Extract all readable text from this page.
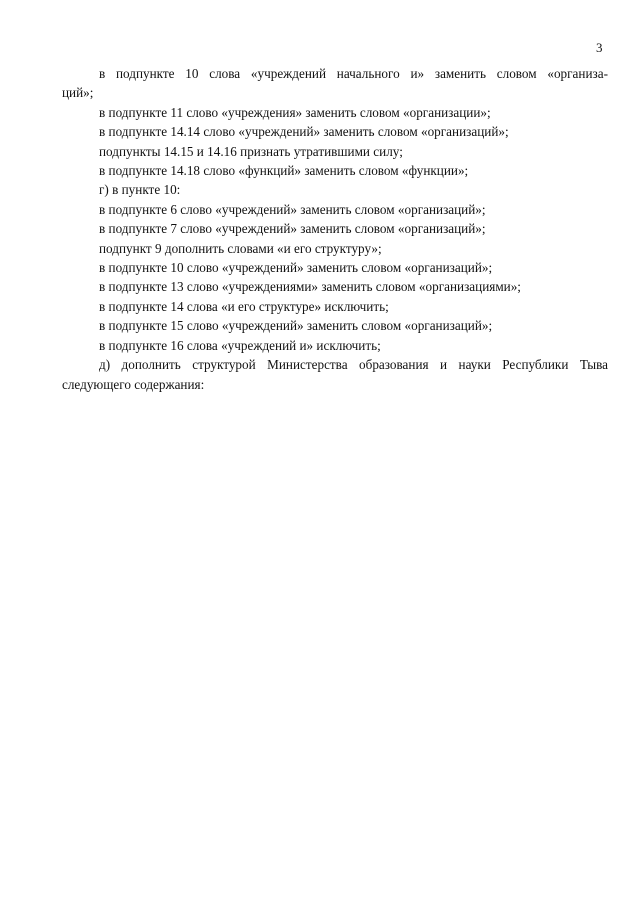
3
в подпункте 10 слова «учреждений начального и» заменить словом «организа-
ций»;
в подпункте 11 слово «учреждения» заменить словом «организации»;
в подпункте 14.14 слово «учреждений» заменить словом «организаций»;
подпункты 14.15 и 14.16 признать утратившими силу;
в подпункте 14.18 слово «функций» заменить словом «функции»;
г) в пункте 10:
в подпункте 6 слово «учреждений» заменить словом «организаций»;
в подпункте 7 слово «учреждений» заменить словом «организаций»;
подпункт 9 дополнить словами «и его структуру»;
в подпункте 10 слово «учреждений» заменить словом «организаций»;
в подпункте 13 слово «учреждениями» заменить словом «организациями»;
в подпункте 14 слова «и его структуре» исключить;
в подпункте 15 слово «учреждений» заменить словом «организаций»;
в подпункте 16 слова «учреждений и» исключить;
д) дополнить структурой Министерства образования и науки Республики Тыва
следующего содержания:
